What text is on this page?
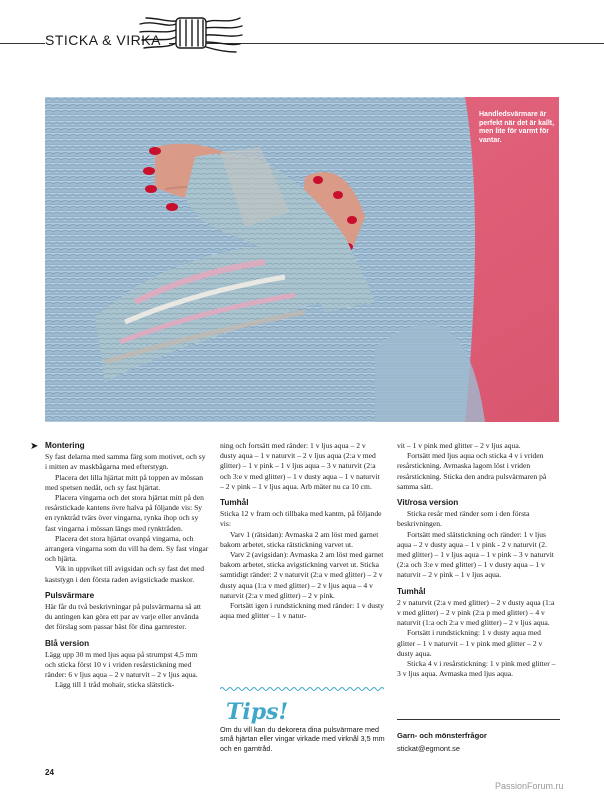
STICKA & VIRKA
Handledsvärmare är perfekt när det är kallt, men lite för varmt för vantar.
➤ Montering

Sy fast delarna med samma färg som motivet, och sy i mitten av maskbågarna med efterstygn.

Placera det lilla hjärtat mitt på toppen av mössan med spetsen nedåt, och sy fast hjärtat.

Placera vingarna och det stora hjärtat mitt på den resårstickade kantens övre halva på följande vis: Sy en rynktråd tvärs över vingarna, rynka ihop och sy fast vingarna i mössan längs med rynktråden.

Placera det stora hjärtat ovanpå vingarna, och arrangera vingarna som du vill ha dem. Sy fast vingar och hjärta.

Vik in uppviket till avigsidan och sy fast det med kaststygn i den första raden avigstickade maskor.

Pulsvärmare

Här får du två beskrivningar på pulsvärmarna så att du antingen kan göra ett par av varje eller använda det förslag som passar bäst för dina garnrester.

Blå version

Lägg upp 30 m med ljus aqua på strumpst 4,5 mm och sticka först 10 v i vriden resårstickning med ränder: 6 v ljus aqua – 2 v naturvit – 2 v ljus aqua.

Lägg till 1 tråd mohair, sticka slätstick-

ning och fortsätt med ränder: 1 v ljus aqua – 2 v dusty aqua – 1 v naturvit – 2 v ljus aqua (2:a v med glitter) – 1 v pink – 1 v ljus aqua – 3 v naturvit (2:a och 3:e v med glitter) – 1 v dusty aqua – 1 v naturvit – 2 v pink – 1 v ljus aqua. Arb mäter nu ca 10 cm.

Tumhål

Sticka 12 v fram och tillbaka med kantm, på följande vis:

Varv 1 (rätsidan): Avmaska 2 am löst med garnet bakom arbetet, sticka rätstickning varvet ut.

Varv 2 (avigsidan): Avmaska 2 am löst med garnet bakom arbetet, sticka avigstickning varvet ut. Sticka samtidigt ränder: 2 v naturvit (2:a v med glitter) – 2 v dusty aqua (1:a v med glitter) – 2 v ljus aqua – 4 v naturvit (2:a v med glitter) – 2 v pink.

Fortsätt igen i rundstickning med ränder: 1 v dusty aqua med glitter – 1 v natur-

Tips!
Om du vill kan du dekorera dina pulsvärmare med små hjärtan eller vingar virkade med virknål 3,5 mm och en garntråd.

vit – 1 v pink med glitter – 2 v ljus aqua.

Fortsätt med ljus aqua och sticka 4 v i vriden resårstickning. Avmaska lagom löst i vriden resårstickning. Sticka den andra pulsvärmaren på samma sätt.

Vit/rosa version

Sticka resår med ränder som i den första beskrivningen.

Fortsätt med slätstickning och ränder: 1 v ljus aqua – 2 v dusty aqua – 1 v pink - 2 v naturvit (2. med glitter) – 1 v ljus aqua – 1 v pink – 3 v naturvit (2:a och 3:e v med glitter) – 1 v dusty aqua – 1 v naturvit – 2 v pink – 1 v ljus aqua.

Tumhål

2 v naturvit (2:a v med glitter) – 2 v dusty aqua (1:a v med glitter) – 2 v pink (2:a p med glitter) – 4 v naturvit (1:a och 2:a v med glitter) – 2 v ljus aqua.

Fortsätt i rundstickning: 1 v dusty aqua med glitter – 1 v naturvit – 1 v pink med glitter – 2 v dusty aqua.

Sticka 4 v i resårstickning: 1 v pink med glitter – 3 v ljus aqua. Avmaska med ljus aqua.

Garn- och mönsterfrågor
stickat@egmont.se
24
PassionForum.ru
